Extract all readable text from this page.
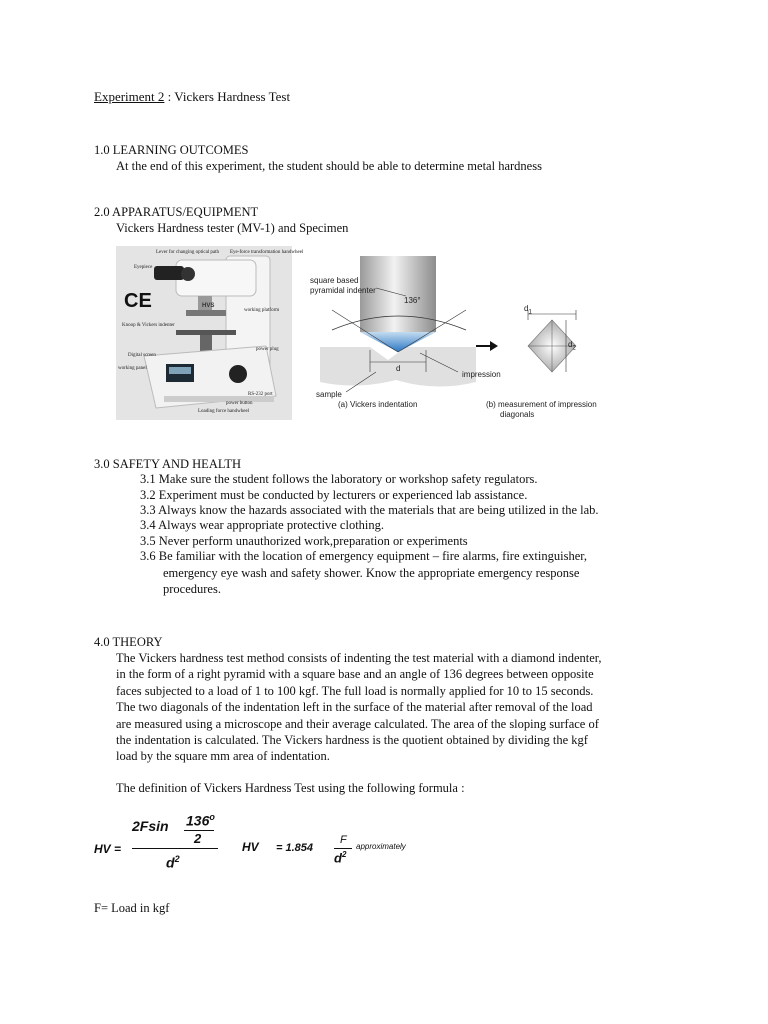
Experiment 2 : Vickers Hardness Test
1.0 LEARNING OUTCOMES
At the end of this experiment, the student should be able to determine metal hardness
2.0 APPARATUS/EQUIPMENT
Vickers Hardness tester (MV-1) and Specimen
Lever for changing optical path Eye-force transformation handwheel
Eyepiece
CE	working platform
HVS
Knoop & Vickers indenter
power plug
Digital screen
working panel
RS-232 port
power button
Loading force handwheel
square based
pyramidal indenter
136°
d
impression
sample
(a) Vickers indentation	(b) measurement of impression
diagonals
$d_1$
$d_2$
3.0 SAFETY AND HEALTH
3.1 Make sure the student follows the laboratory or workshop safety regulators.
3.2 Experiment must be conducted by lecturers or experienced lab assistance.
3.3 Always know the hazards associated with the materials that are being utilized in the lab.
3.4 Always wear appropriate protective clothing.
3.5 Never perform unauthorized work,preparation or experiments
3.6 Be familiar with the location of emergency equipment – fire alarms, fire extinguisher,
emergency eye wash and safety shower. Know the appropriate emergency response
procedures.
4.0 THEORY
The Vickers hardness test method consists of indenting the test material with a diamond indenter,
in the form of a right pyramid with a square base and an angle of 136 degrees between opposite
faces subjected to a load of 1 to 100 kgf. The full load is normally applied for 10 to 15 seconds.
The two diagonals of the indentation left in the surface of the material after removal of the load
are measured using a microscope and their average calculated. The area of the sloping surface of
the indentation is calculated. The Vickers hardness is the quotient obtained by dividing the kgf
load by the square mm area of indentation.
The definition of Vickers Hardness Test using the following formula :
HV =
2Fsin 136$^o$
2
$d^2$
HV = 1.854
F
$d^2$
approximately
F= Load in kgf
